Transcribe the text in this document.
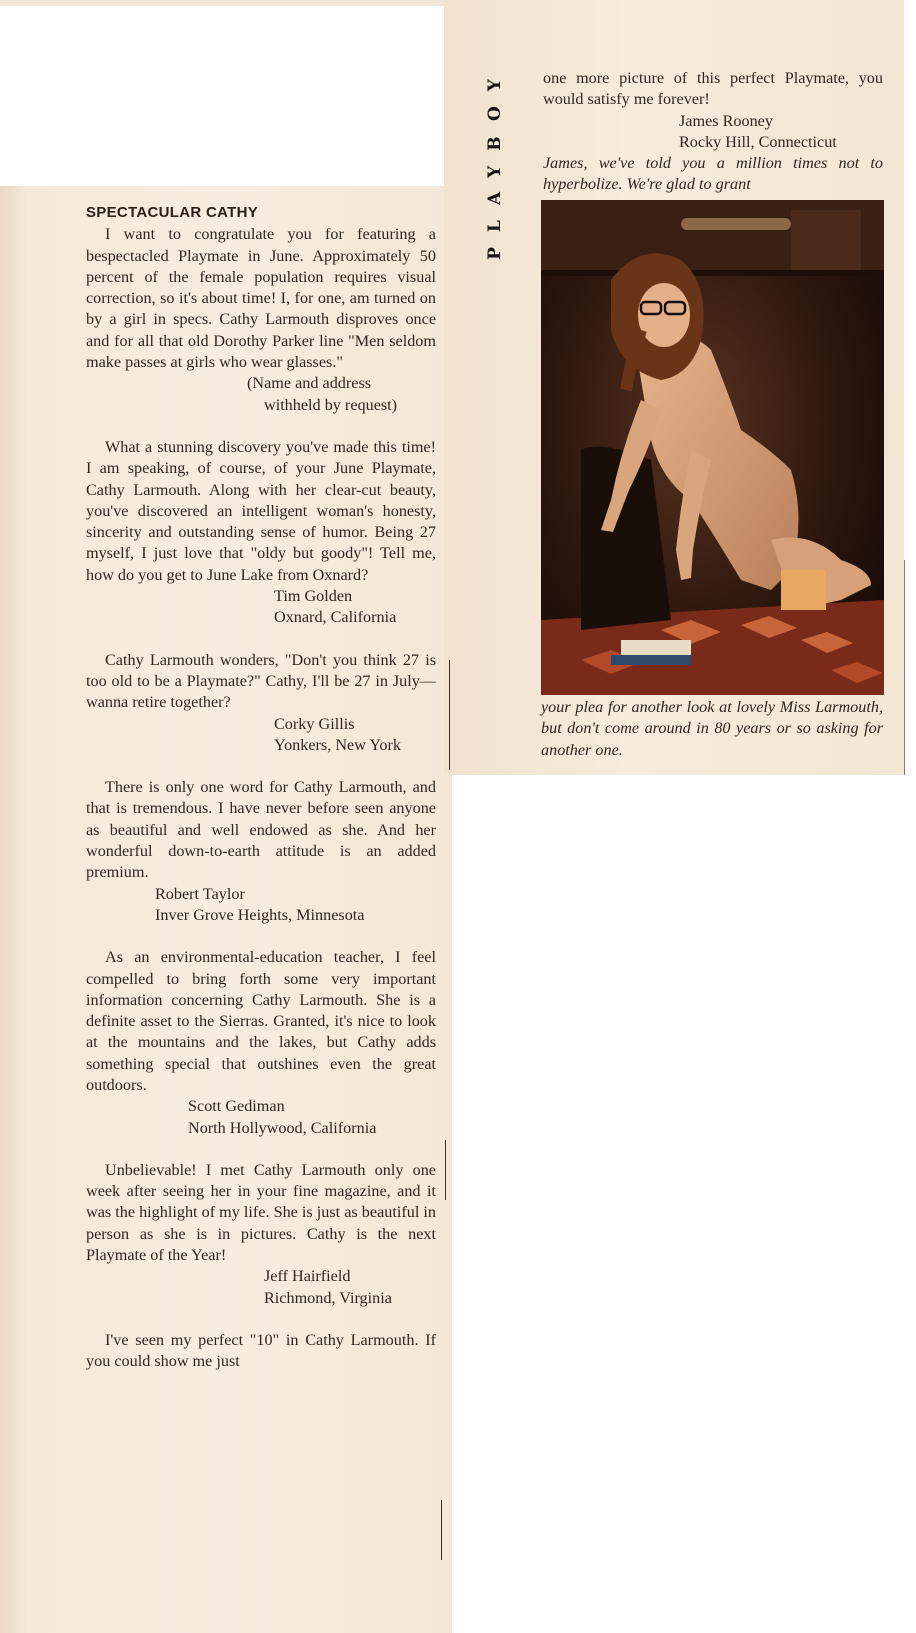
SPECTACULAR CATHY

I want to congratulate you for featuring a bespectacled Playmate in June. Approximately 50 percent of the female population requires visual correction, so it's about time! I, for one, am turned on by a girl in specs. Cathy Larmouth disproves once and for all that old Dorothy Parker line "Men seldom make passes at girls who wear glasses."

(Name and address
withheld by request)

What a stunning discovery you've made this time! I am speaking, of course, of your June Playmate, Cathy Larmouth. Along with her clear-cut beauty, you've discovered an intelligent woman's honesty, sincerity and outstanding sense of humor. Being 27 myself, I just love that "oldy but goody"! Tell me, how do you get to June Lake from Oxnard?

Tim Golden
Oxnard, California

Cathy Larmouth wonders, "Don't you think 27 is too old to be a Playmate?" Cathy, I'll be 27 in July—wanna retire together?

Corky Gillis
Yonkers, New York

There is only one word for Cathy Larmouth, and that is tremendous. I have never before seen anyone as beautiful and well endowed as she. And her wonderful down-to-earth attitude is an added premium.

Robert Taylor
Inver Grove Heights, Minnesota

As an environmental-education teacher, I feel compelled to bring forth some very important information concerning Cathy Larmouth. She is a definite asset to the Sierras. Granted, it's nice to look at the mountains and the lakes, but Cathy adds something special that outshines even the great outdoors.

Scott Gediman
North Hollywood, California

Unbelievable! I met Cathy Larmouth only one week after seeing her in your fine magazine, and it was the highlight of my life. She is just as beautiful in person as she is in pictures. Cathy is the next Playmate of the Year!

Jeff Hairfield
Richmond, Virginia

I've seen my perfect "10" in Cathy Larmouth. If you could show me just

PLAYBOY one more picture of this perfect Playmate, you would satisfy me forever!

James Rooney
Rocky Hill, Connecticut

James, we've told you a million times not to hyperbolize. We're glad to grant

your plea for another look at lovely Miss Larmouth, but don't come around in 80 years or so asking for another one.
